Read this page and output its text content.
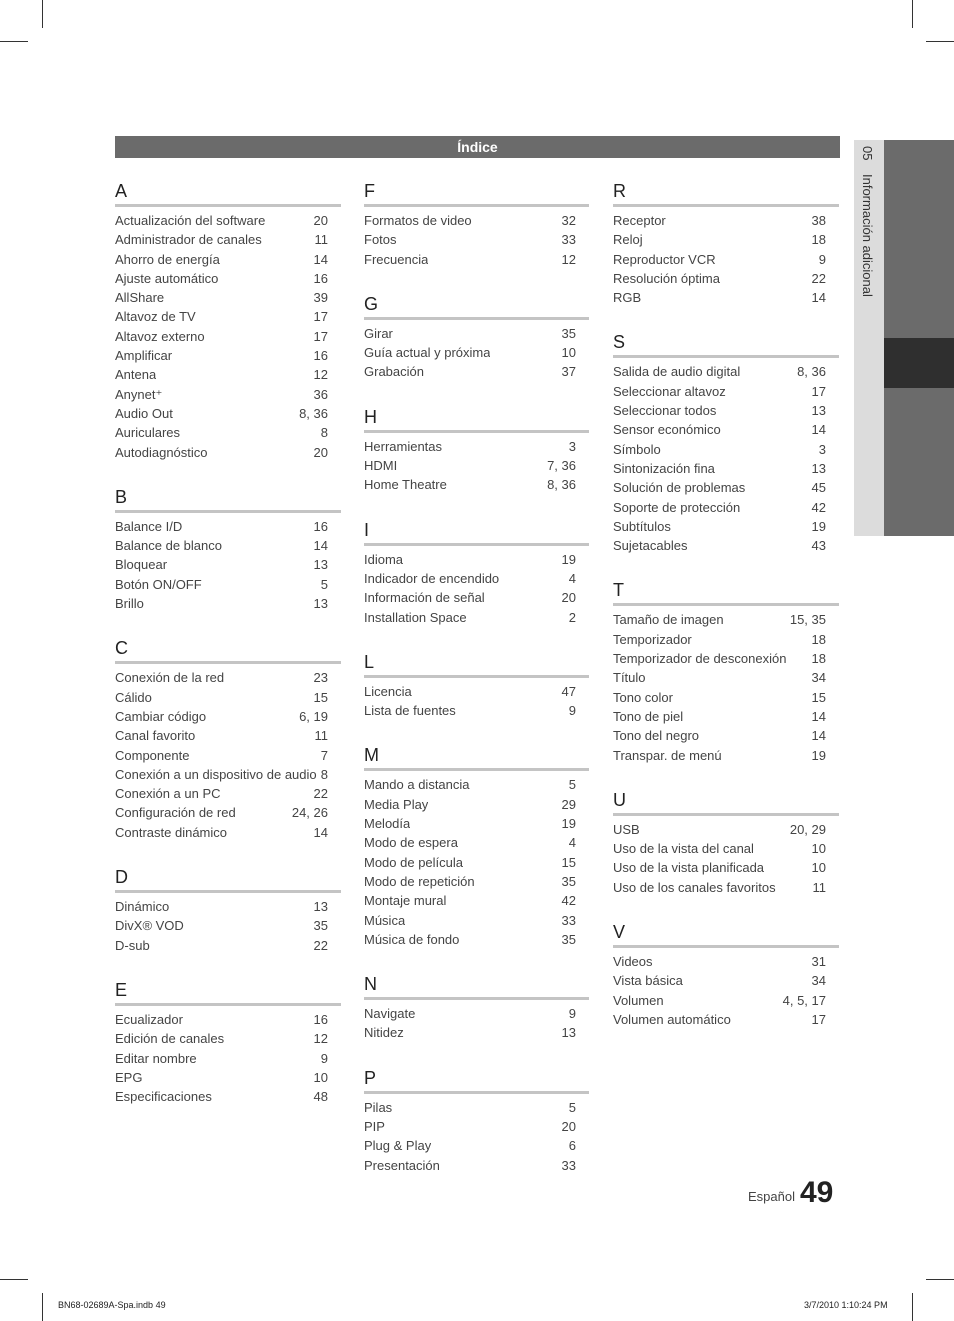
Índice	05 Información adicional
A
Actualización del software	20
Administrador de canales	11
Ahorro de energía	14
Ajuste automático	16
AllShare	39
Altavoz de TV	17
Altavoz externo	17
Amplificar	16
Antena	12
Anynet⁺	36
Audio Out	8, 36
Auriculares	8
Autodiagnóstico	20
B
Balance I/D	16
Balance de blanco	14
Bloquear	13
Botón ON/OFF	5
Brillo	13
C
Conexión de la red	23
Cálido	15
Cambiar código	6, 19
Canal favorito	11
Componente	7
Conexión a un dispositivo de audio 8
Conexión a un PC	22
Configuración de red	24, 26
Contraste dinámico	14
D
Dinámico	13
DivX® VOD	35
D-sub	22
E
Ecualizador	16
Edición de canales	12
Editar nombre	9
EPG	10
Especificaciones	48
F
Formatos de video	32
Fotos	33
Frecuencia	12
G
Girar	35
Guía actual y próxima	10
Grabación	37
H
Herramientas	3
HDMI	7, 36
Home Theatre	8, 36
I
Idioma	19
Indicador de encendido	4
Información de señal	20
Installation Space	2
L
Licencia	47
Lista de fuentes	9
M
Mando a distancia	5
Media Play	29
Melodía	19
Modo de espera	4
Modo de película	15
Modo de repetición	35
Montaje mural	42
Música	33
Música de fondo	35
N
Navigate	9
Nitidez	13
P
Pilas	5
PIP	20
Plug & Play	6
Presentación	33
R
Receptor	38
Reloj	18
Reproductor VCR	9
Resolución óptima	22
RGB	14
S
Salida de audio digital	8, 36
Seleccionar altavoz	17
Seleccionar todos	13
Sensor económico	14
Símbolo	3
Sintonización fina	13
Solución de problemas	45
Soporte de protección	42
Subtítulos	19
Sujetacables	43
T
Tamaño de imagen	15, 35
Temporizador	18
Temporizador de desconexión 18
Título	34
Tono color	15
Tono de piel	14
Tono del negro	14
Transpar. de menú	19
U
USB	20, 29
Uso de la vista del canal	10
Uso de la vista planificada	10
Uso de los canales favoritos	11
V
Videos	31
Vista básica	34
Volumen	4, 5, 17
Volumen automático	17
Español 49
BN68-02689A-Spa.indb 49	3/7/2010 1:10:24 PM
